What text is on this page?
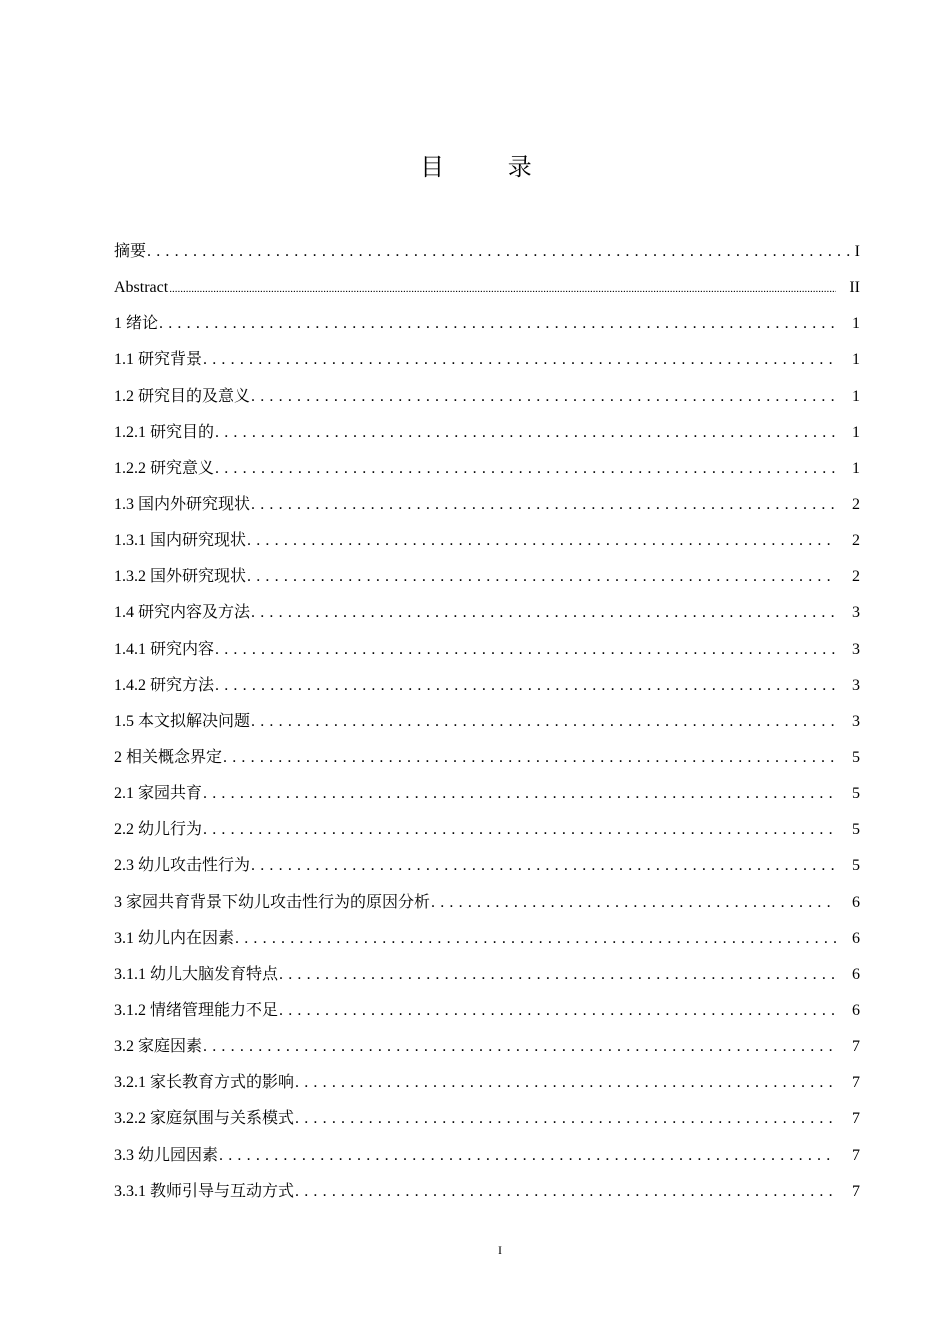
目 录
摘要 . . .	I
Abstract .....	II
1 绪论 . . .	1
1.1 研究背景 . . .	1
1.2 研究目的及意义 . . .	1
1.2.1 研究目的 . . .	1
1.2.2 研究意义 . . .	1
1.3 国内外研究现状 . . .	2
1.3.1 国内研究现状 . . .	2
1.3.2 国外研究现状 . . .	2
1.4 研究内容及方法 . . .	3
1.4.1 研究内容 . . .	3
1.4.2 研究方法 . . .	3
1.5 本文拟解决问题 . . .	3
2 相关概念界定 . . .	5
2.1 家园共育 . . .	5
2.2 幼儿行为 . . .	5
2.3 幼儿攻击性行为 . . .	5
3 家园共育背景下幼儿攻击性行为的原因分析 . . .	6
3.1 幼儿内在因素 . . .	6
3.1.1 幼儿大脑发育特点 . . .	6
3.1.2 情绪管理能力不足 . . .	6
3.2 家庭因素 . . .	7
3.2.1 家长教育方式的影响 . . .	7
3.2.2 家庭氛围与关系模式 . . .	7
3.3 幼儿园因素 . . .	7
3.3.1 教师引导与互动方式 . . .	7
I
